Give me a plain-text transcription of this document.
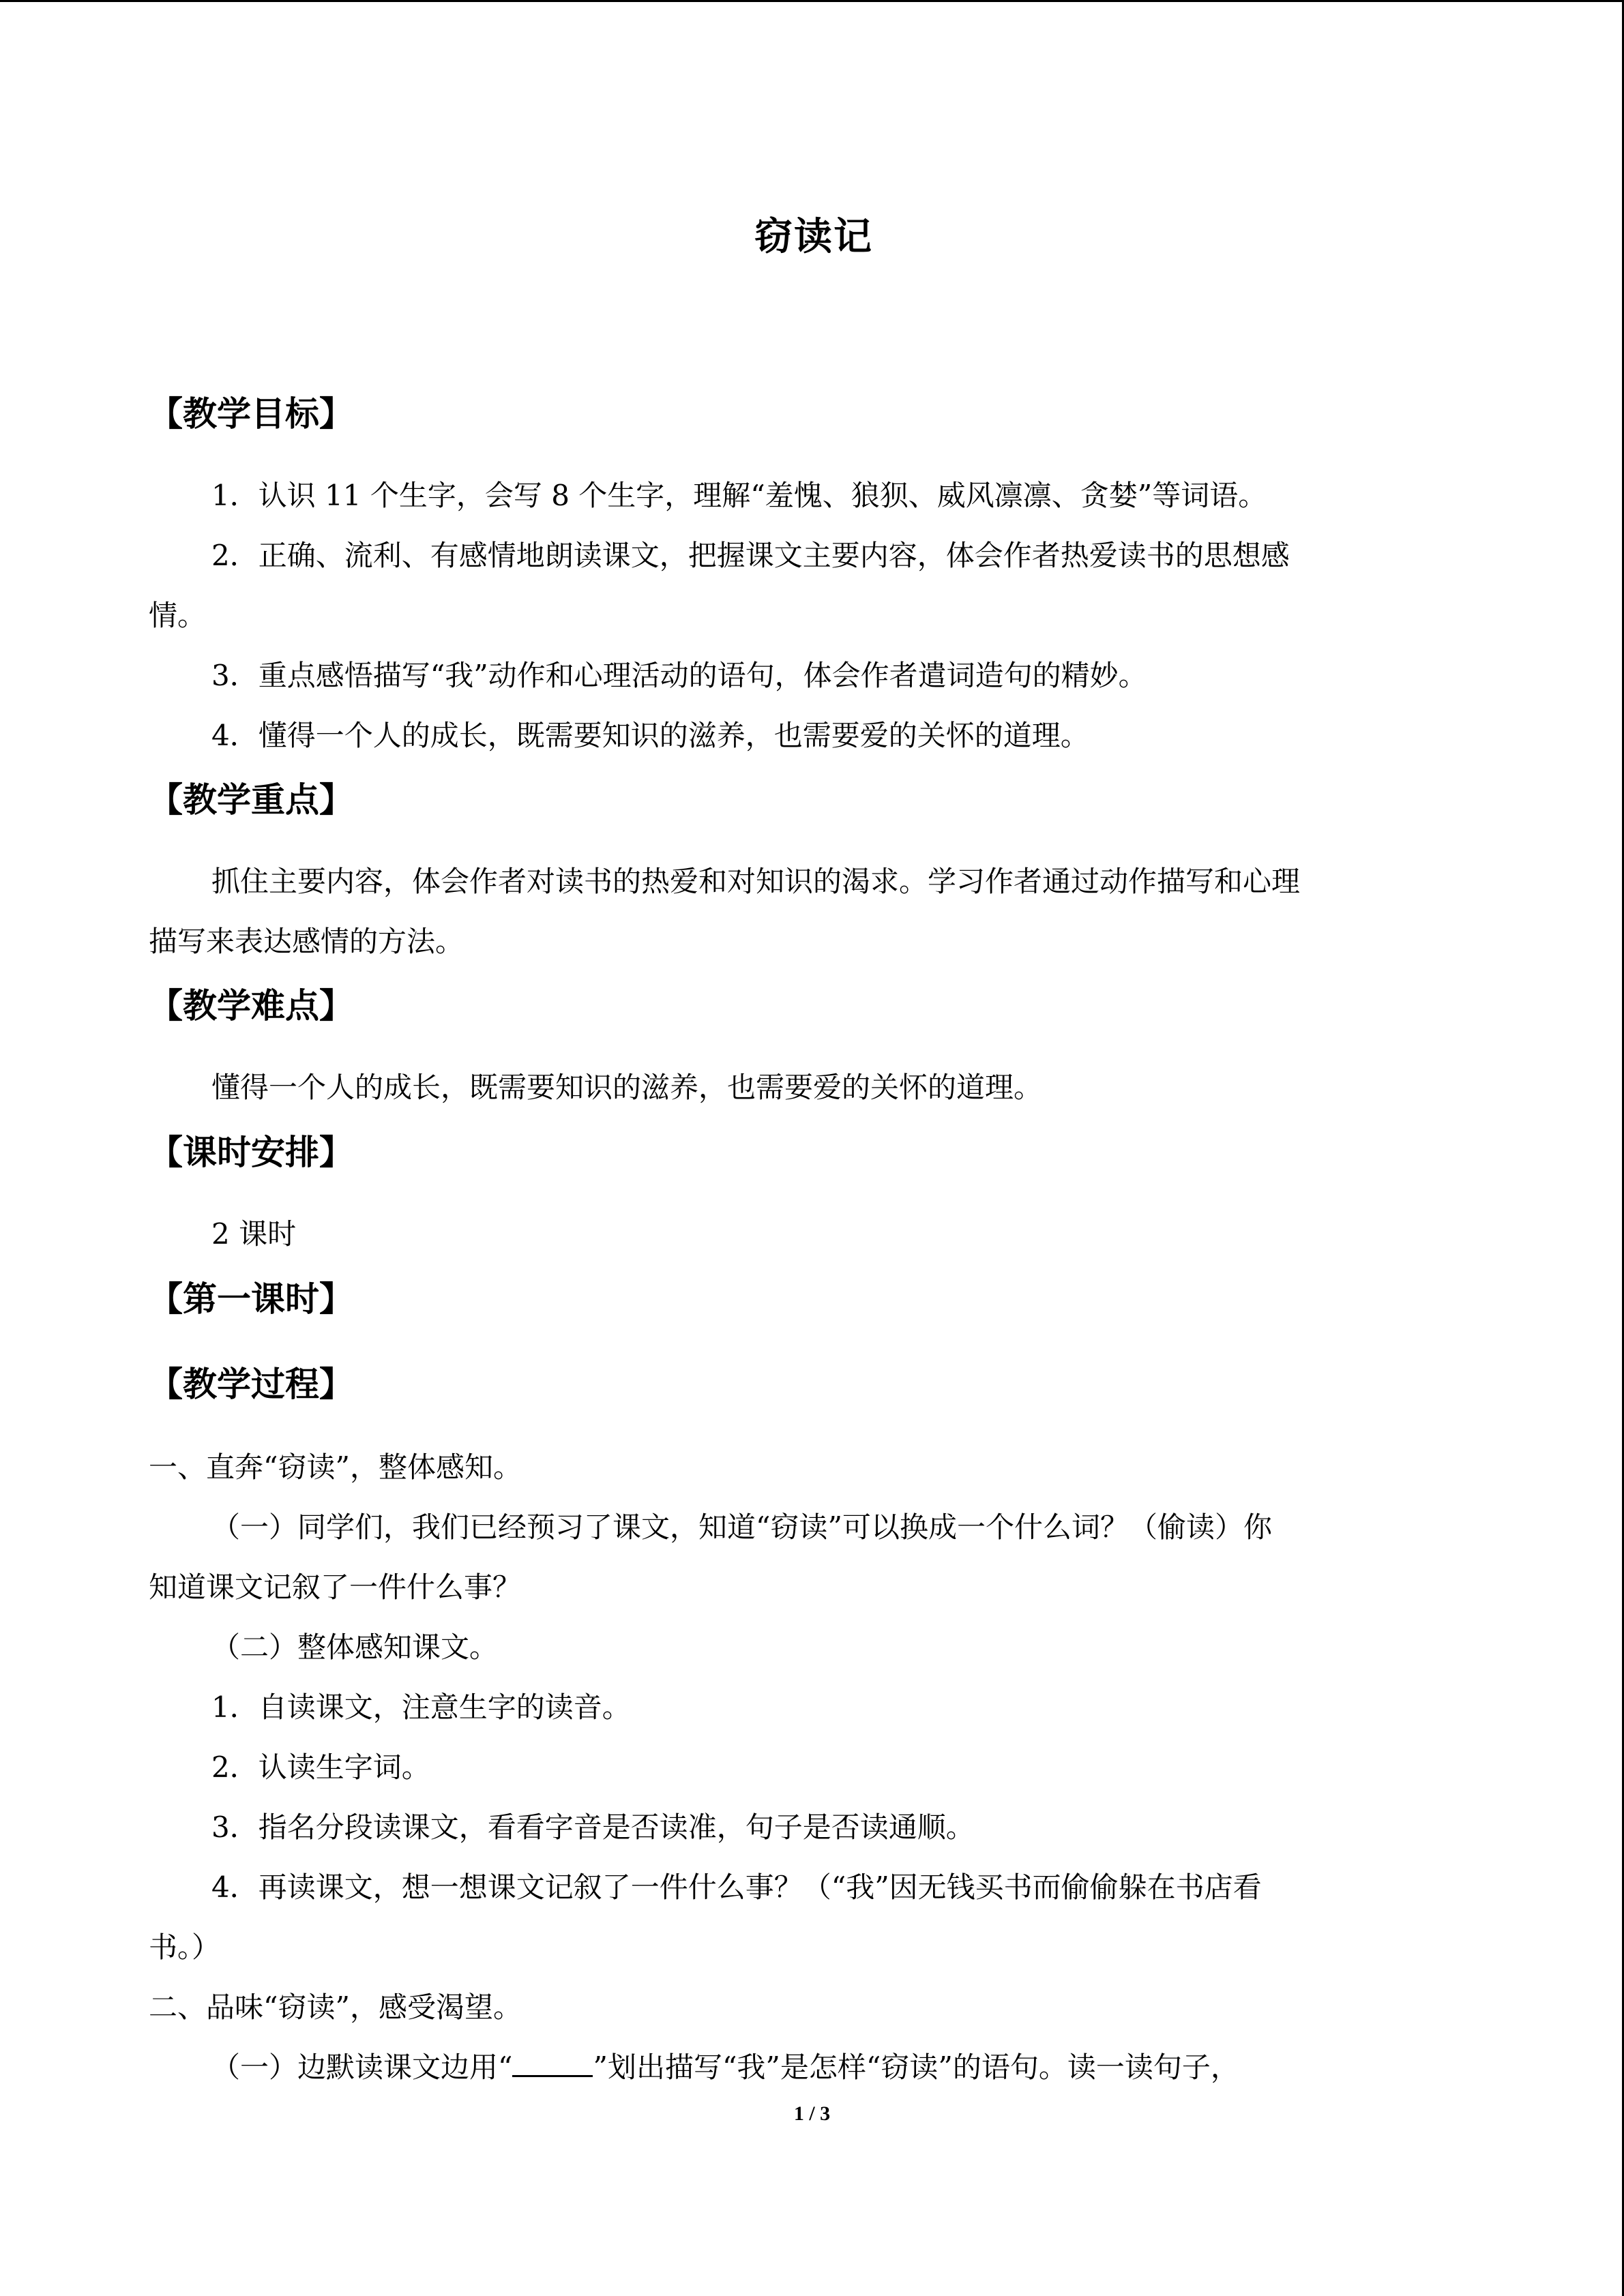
窃读记
【教学目标】
1．认识 11 个生字，会写 8 个生字，理解“羞愧、狼狈、威风凛凛、贪婪”等词语。
2．正确、流利、有感情地朗读课文，把握课文主要内容，体会作者热爱读书的思想感
情。
3．重点感悟描写“我”动作和心理活动的语句，体会作者遣词造句的精妙。
4．懂得一个人的成长，既需要知识的滋养，也需要爱的关怀的道理。
【教学重点】
抓住主要内容，体会作者对读书的热爱和对知识的渴求。学习作者通过动作描写和心理
描写来表达感情的方法。
【教学难点】
懂得一个人的成长，既需要知识的滋养，也需要爱的关怀的道理。
【课时安排】
2 课时
【第一课时】
【教学过程】
一、直奔“窃读”，整体感知。
（一）同学们，我们已经预习了课文，知道“窃读”可以换成一个什么词？（偷读）你
知道课文记叙了一件什么事？
（二）整体感知课文。
1．自读课文，注意生字的读音。
2．认读生字词。
3．指名分段读课文，看看字音是否读准，句子是否读通顺。
4．再读课文，想一想课文记叙了一件什么事？（“我”因无钱买书而偷偷躲在书店看
书。）
二、品味“窃读”，感受渴望。
（一）边默读课文边用“	”划出描写“我”是怎样“窃读”的语句。读一读句子，
1 / 3
